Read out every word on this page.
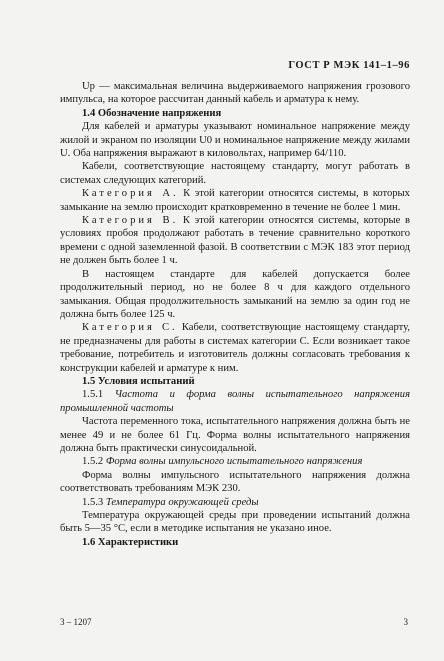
ГОСТ Р МЭК 141–1–96

Uр — максимальная величина выдерживаемого напряжения грозового импульса, на которое рассчитан данный кабель и арматура к нему.

1.4 Обозначение напряжения

Для кабелей и арматуры указывают номинальное напряжение между жилой и экраном по изоляции U0 и номинальное напряжение между жилами U. Оба напряжения выражают в киловольтах, например 64/110.

Кабели, соответствующие настоящему стандарту, могут работать в системах следующих категорий.

Категория А. К этой категории относятся системы, в которых замыкание на землю происходит кратковременно в течение не более 1 мин.

Категория В. К этой категории относятся системы, которые в условиях пробоя продолжают работать в течение сравнительно короткого времени с одной заземленной фазой. В соответствии с МЭК 183 этот период не должен быть более 1 ч.

В настоящем стандарте для кабелей допускается более продолжительный период, но не более 8 ч для каждого отдельного замыкания. Общая продолжительность замыканий на землю за один год не должна быть более 125 ч.

Категория С. Кабели, соответствующие настоящему стандарту, не предназначены для работы в системах категории С. Если возникает такое требование, потребитель и изготовитель должны согласовать требования к конструкции кабелей и арматуре к ним.

1.5 Условия испытаний

1.5.1 Частота и форма волны испытательного напряжения промышленной частоты

Частота переменного тока, испытательного напряжения должна быть не менее 49 и не более 61 Гц. Форма волны испытательного напряжения должна быть практически синусоидальной.

1.5.2 Форма волны импульсного испытательного напряжения

Форма волны импульсного испытательного напряжения должна соответствовать требованиям МЭК 230.

1.5.3 Температура окружающей среды

Температура окружающей среды при проведении испытаний должна быть 5—35 °С, если в методике испытания не указано иное.

1.6 Характеристики

3 – 1207	3
